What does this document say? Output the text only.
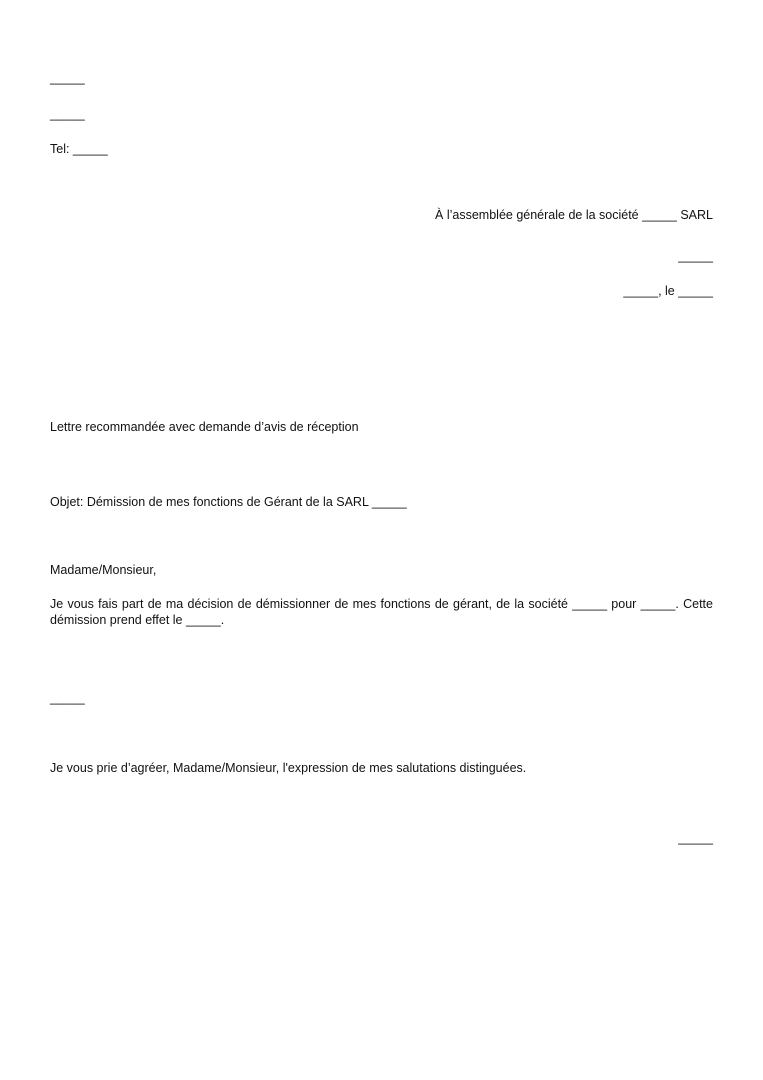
_____
_____
Tel: _____
À l’assemblée générale de la société _____ SARL
_____
_____, le _____
Lettre recommandée avec demande d’avis de réception
Objet: Démission de mes fonctions de Gérant de la SARL _____
Madame/Monsieur,
Je vous fais part de ma décision de démissionner de mes fonctions de gérant, de la société _____ pour _____. Cette démission prend effet le _____.
_____
Je vous prie d’agréer, Madame/Monsieur, l'expression de mes salutations distinguées.
_____
